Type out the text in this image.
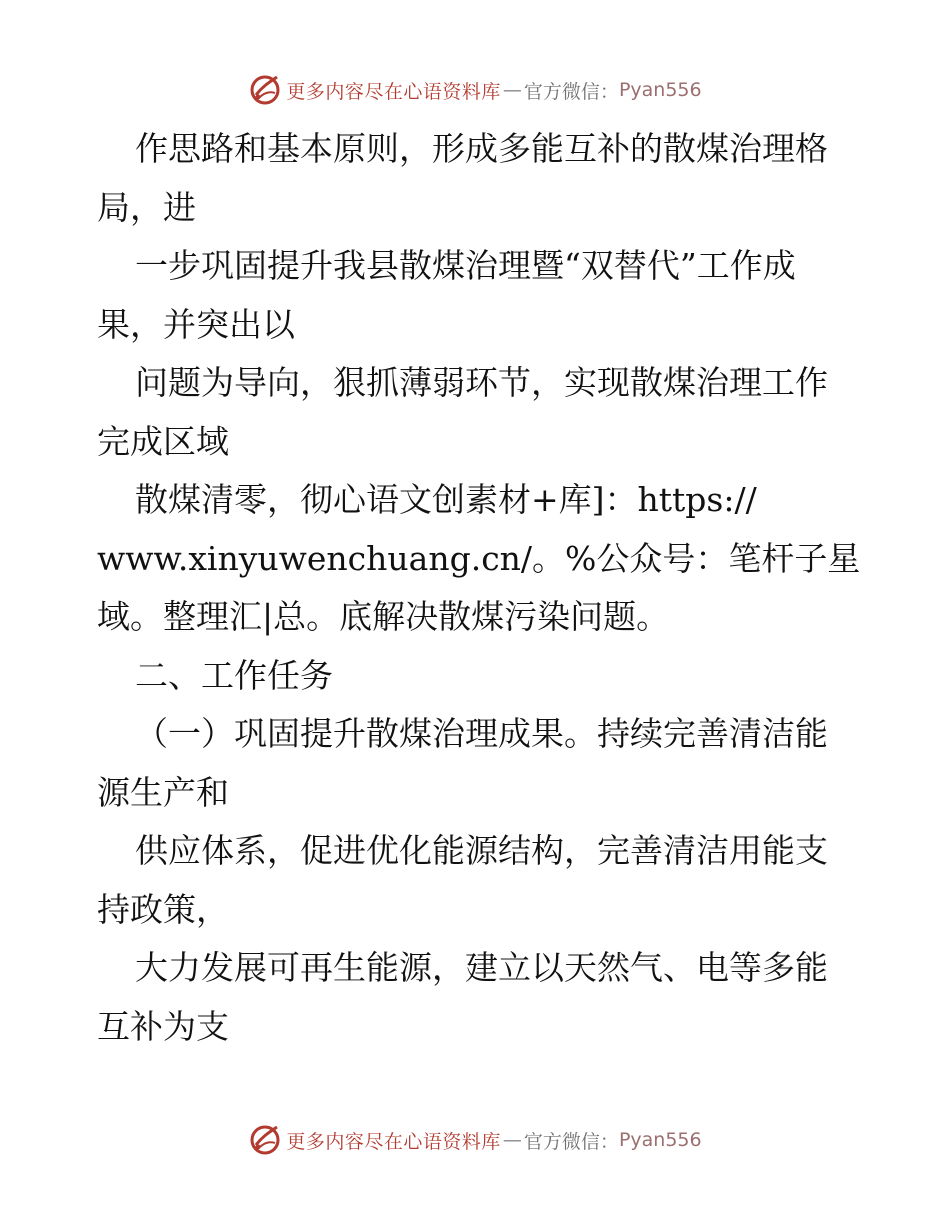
更多内容尽在心语资料库 — 官方微信： Pyan556
作思路和基本原则，形成多能互补的散煤治理格
局，进
一步巩固提升我县散煤治理暨“双替代”工作成
果，并突出以
问题为导向，狠抓薄弱环节，实现散煤治理工作
完成区域
散煤清零，彻心语文创素材+库]：https://
www.xinyuwenchuang.cn/。%公众号：笔杆子星
域。整理汇|总。底解决散煤污染问题。
二、工作任务
（一）巩固提升散煤治理成果。持续完善清洁能
源生产和
供应体系，促进优化能源结构，完善清洁用能支
持政策，
大力发展可再生能源，建立以天然气、电等多能
互补为支
更多内容尽在心语资料库 — 官方微信： Pyan556
